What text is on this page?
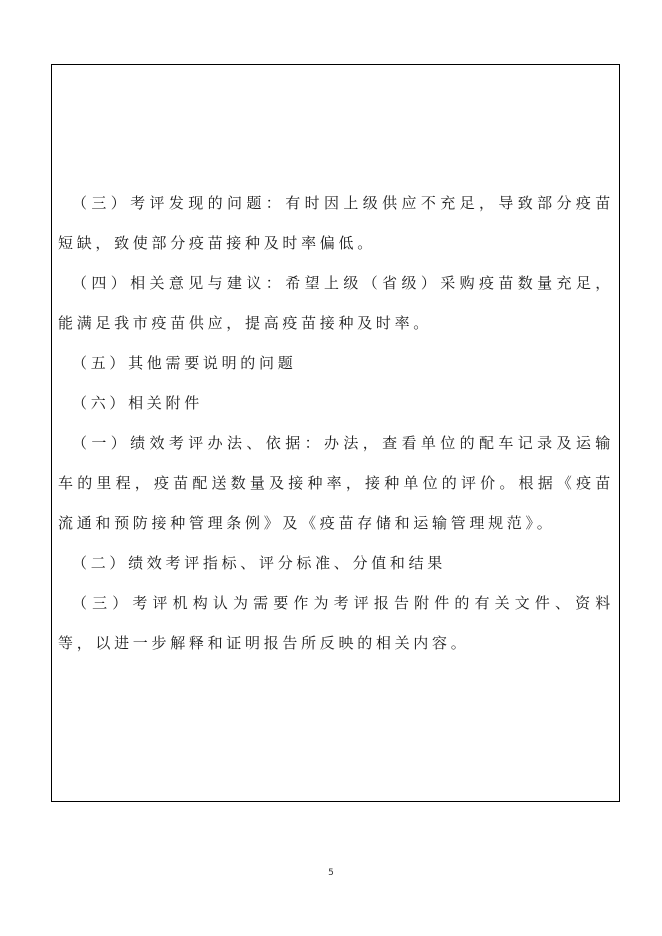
（三）考评发现的问题：有时因上级供应不充足，导致部分疫苗短缺，致使部分疫苗接种及时率偏低。

（四）相关意见与建议：希望上级（省级）采购疫苗数量充足，能满足我市疫苗供应，提高疫苗接种及时率。

（五）其他需要说明的问题

（六）相关附件

（一）绩效考评办法、依据：办法，查看单位的配车记录及运输车的里程，疫苗配送数量及接种率，接种单位的评价。根据《疫苗流通和预防接种管理条例》及《疫苗存储和运输管理规范》。

（二）绩效考评指标、评分标准、分值和结果

（三）考评机构认为需要作为考评报告附件的有关文件、资料等，以进一步解释和证明报告所反映的相关内容。

5
